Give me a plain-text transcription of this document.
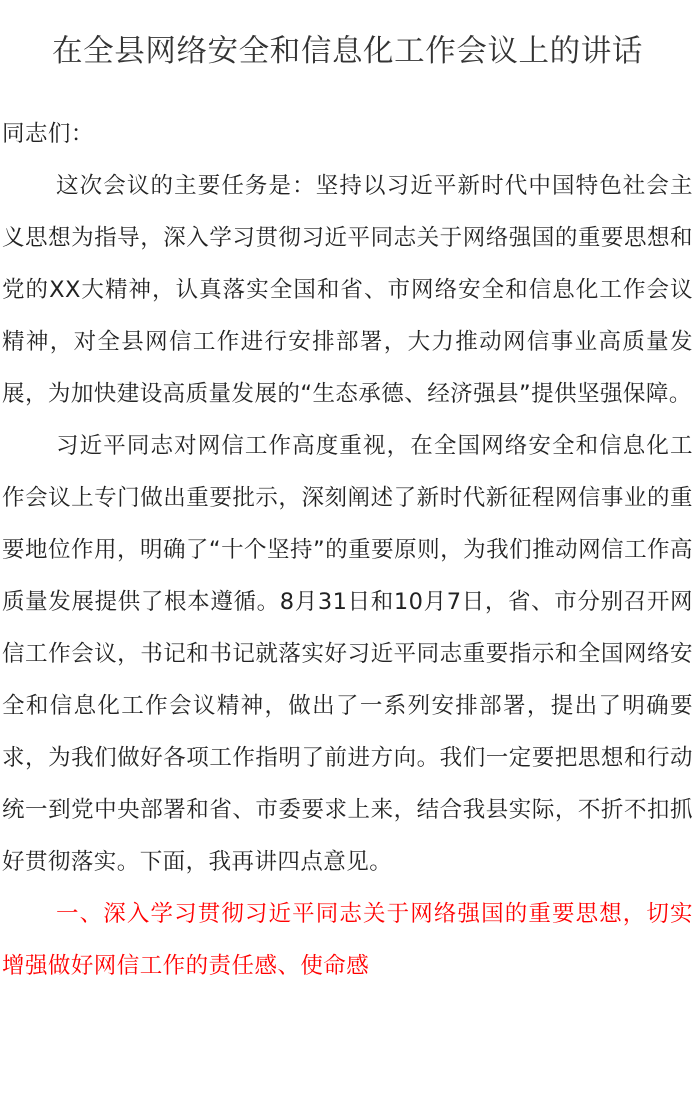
在全县网络安全和信息化工作会议上的讲话

同志们：

这次会议的主要任务是：坚持以习近平新时代中国特色社会主义思想为指导，深入学习贯彻习近平同志关于网络强国的重要思想和党的XX大精神，认真落实全国和省、市网络安全和信息化工作会议精神，对全县网信工作进行安排部署，大力推动网信事业高质量发展，为加快建设高质量发展的“生态承德、经济强县”提供坚强保障。

习近平同志对网信工作高度重视，在全国网络安全和信息化工作会议上专门做出重要批示，深刻阐述了新时代新征程网信事业的重要地位作用，明确了“十个坚持”的重要原则，为我们推动网信工作高质量发展提供了根本遵循。8月31日和10月7日，省、市分别召开网信工作会议，书记和书记就落实好习近平同志重要指示和全国网络安全和信息化工作会议精神，做出了一系列安排部署，提出了明确要求，为我们做好各项工作指明了前进方向。我们一定要把思想和行动统一到党中央部署和省、市委要求上来，结合我县实际，不折不扣抓好贯彻落实。下面，我再讲四点意见。

一、深入学习贯彻习近平同志关于网络强国的重要思想，切实增强做好网信工作的责任感、使命感
